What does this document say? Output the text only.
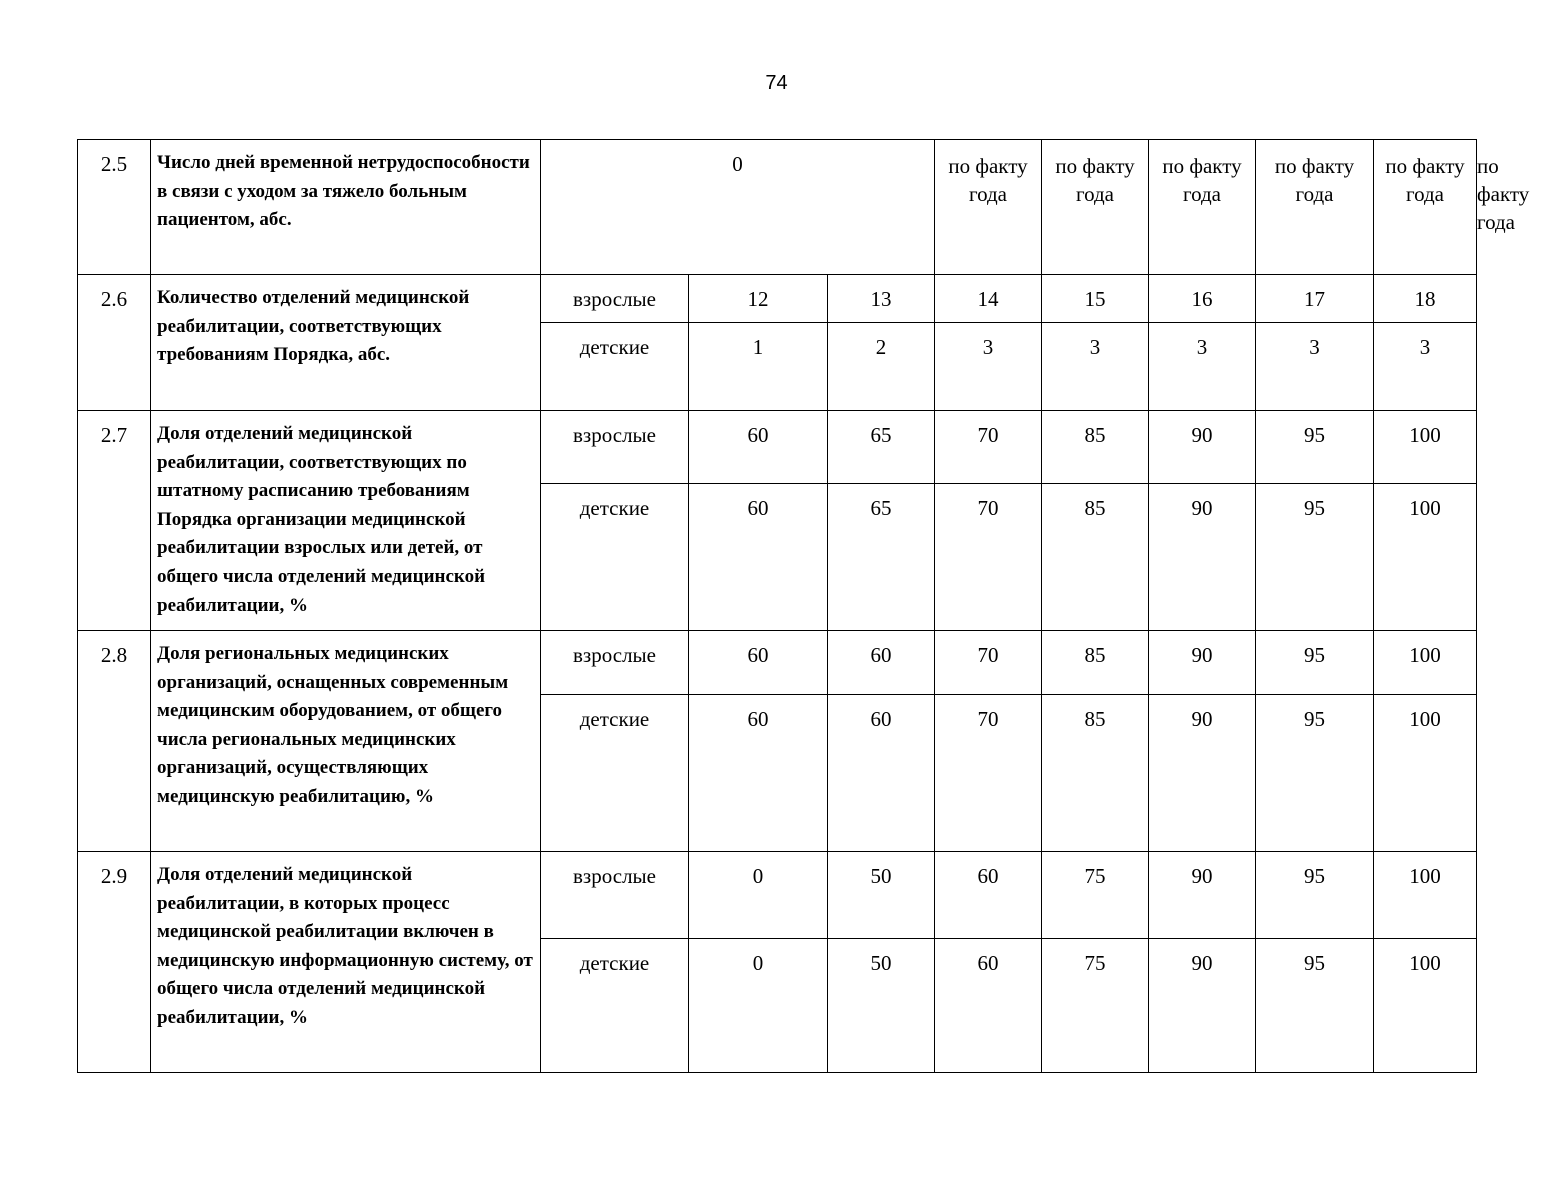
74
2.5	Число дней временной нетрудоспособности в связи с уходом за тяжело больным пациентом, абс.	0			по факту года	по факту года	по факту года	по факту года	по факту года	по факту года
2.6	Количество отделений медицинской реабилитации, соответствующих требованиям Порядка, абс.	взрослые	12	13	14	15	16	17	18	
		детские	1	2	3	3	3	3	3	
2.7	Доля отделений медицинской реабилитации, соответствующих по штатному расписанию требованиям Порядка организации медицинской реабилитации взрослых или детей, от общего числа отделений медицинской реабилитации, %	взрослые	60	65	70	85	90	95	100	
		детские	60	65	70	85	90	95	100	
2.8	Доля региональных медицинских организаций, оснащенных современным медицинским оборудованием, от общего числа региональных медицинских организаций, осуществляющих медицинскую реабилитацию, %	взрослые	60	60	70	85	90	95	100	
		детские	60	60	70	85	90	95	100	
2.9	Доля отделений медицинской реабилитации, в которых процесс медицинской реабилитации включен в медицинскую информационную систему, от общего числа отделений медицинской реабилитации, %	взрослые	0	50	60	75	90	95	100	
		детские	0	50	60	75	90	95	100	
